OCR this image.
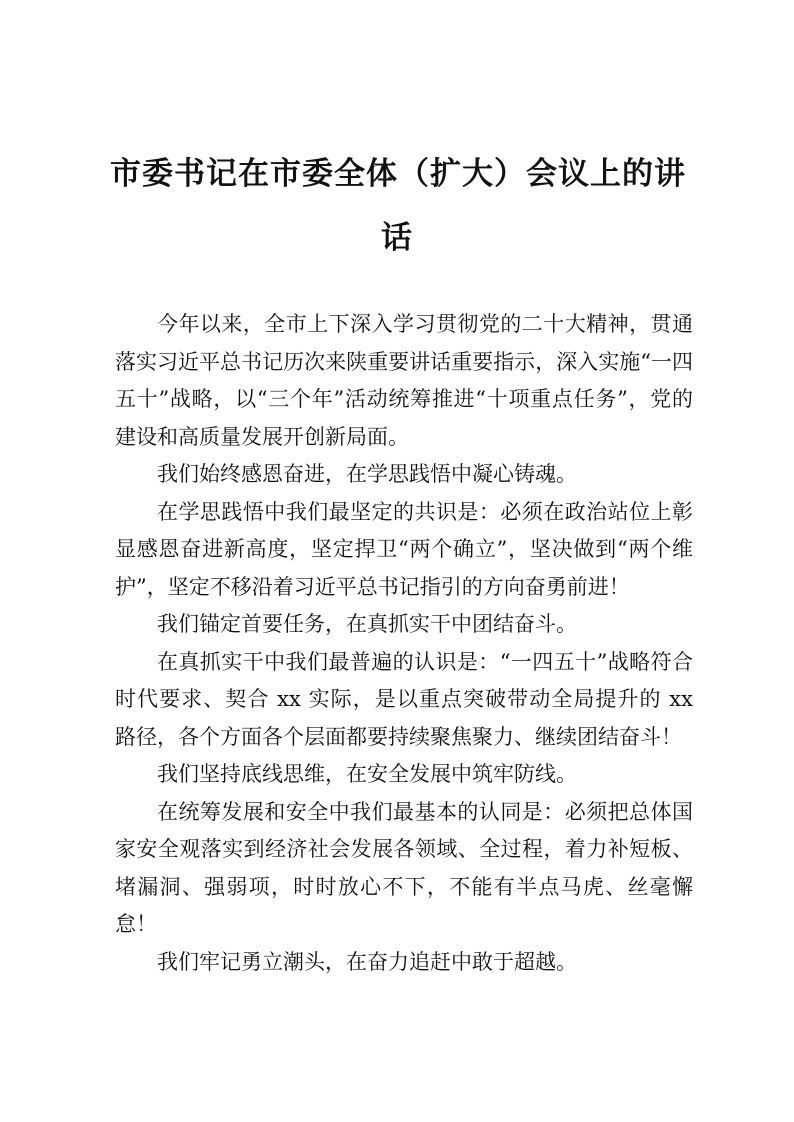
市委书记在市委全体（扩大）会议上的讲
话

今年以来，全市上下深入学习贯彻党的二十大精神，贯通落实习近平总书记历次来陕重要讲话重要指示，深入实施“一四五十”战略，以“三个年”活动统筹推进“十项重点任务”，党的建设和高质量发展开创新局面。

我们始终感恩奋进，在学思践悟中凝心铸魂。

在学思践悟中我们最坚定的共识是：必须在政治站位上彰显感恩奋进新高度，坚定捍卫“两个确立”，坚决做到“两个维护”，坚定不移沿着习近平总书记指引的方向奋勇前进！

我们锚定首要任务，在真抓实干中团结奋斗。

在真抓实干中我们最普遍的认识是：“一四五十”战略符合时代要求、契合 xx 实际，是以重点突破带动全局提升的 xx 路径，各个方面各个层面都要持续聚焦聚力、继续团结奋斗！

我们坚持底线思维，在安全发展中筑牢防线。

在统筹发展和安全中我们最基本的认同是：必须把总体国家安全观落实到经济社会发展各领域、全过程，着力补短板、堵漏洞、强弱项，时时放心不下，不能有半点马虎、丝毫懈怠！

我们牢记勇立潮头，在奋力追赶中敢于超越。
